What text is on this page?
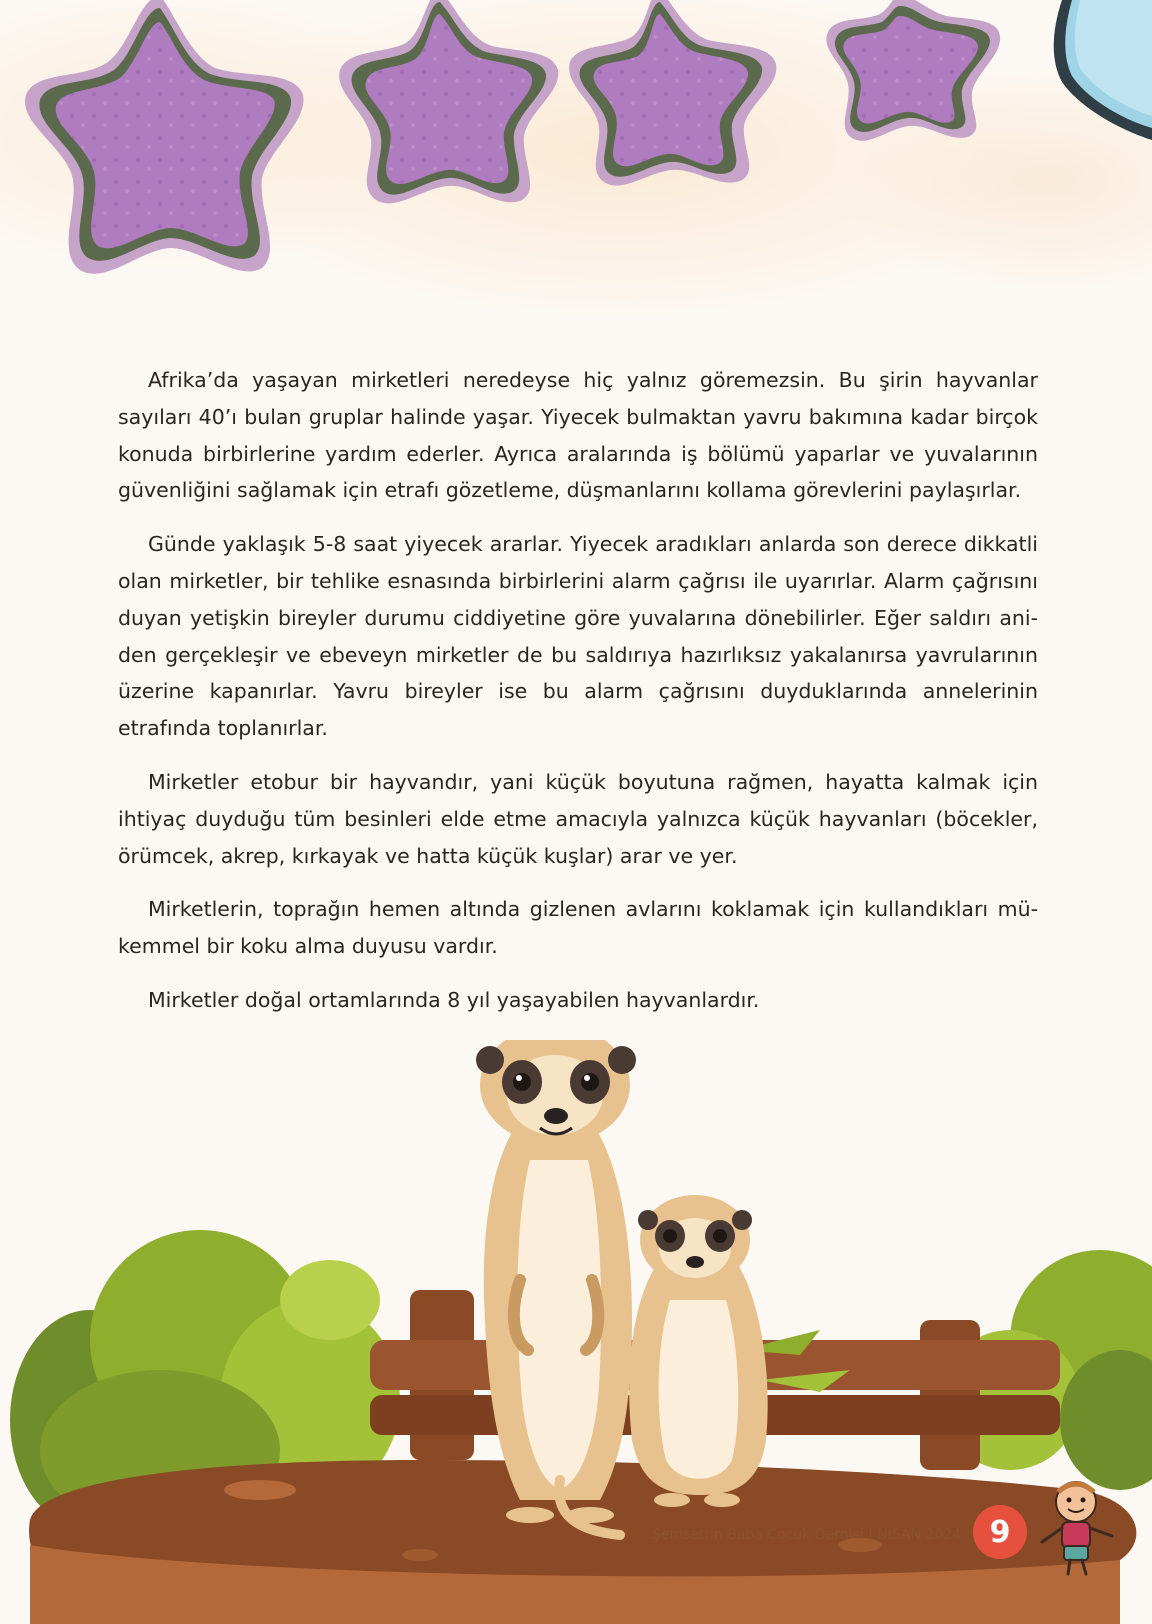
Afrika’da yaşayan mirketleri neredeyse hiç yalnız göremezsin. Bu şirin hayvanlar sayıları 40’ı bulan gruplar halinde yaşar. Yiyecek bulmaktan yavru bakımına kadar birçok konuda birbirlerine yardım ederler. Ayrıca aralarında iş bölümü yaparlar ve yuvalarının güvenliğini sağlamak için etrafı gözetleme, düşmanlarını kollama görevlerini paylaşırlar.

Günde yaklaşık 5-8 saat yiyecek ararlar. Yiyecek aradıkları anlarda son derece dikkatli olan mirketler, bir tehlike esnasında birbirlerini alarm çağrısı ile uyarırlar. Alarm çağrısını duyan yetişkin bireyler durumu ciddiyetine göre yuvalarına dönebilirler. Eğer saldırı aniden gerçekleşir ve ebeveyn mirketler de bu saldırıya hazırlıksız yakalanırsa yavrularının üzerine kapanırlar. Yavru bireyler ise bu alarm çağrısını duyduklarında annelerinin etrafında toplanırlar.

Mirketler etobur bir hayvandır, yani küçük boyutuna rağmen, hayatta kalmak için ihtiyaç duyduğu tüm besinleri elde etme amacıyla yalnızca küçük hayvanları (böcekler, örümcek, akrep, kırkayak ve hatta küçük kuşlar) arar ve yer.

Mirketlerin, toprağın hemen altında gizlenen avlarını koklamak için kullandıkları mükemmel bir koku alma duyusu vardır.

Mirketler doğal ortamlarında 8 yıl yaşayabilen hayvanlardır.

Şemsettin Baba Çocuk Dergisi | NİSAN 2024 9
